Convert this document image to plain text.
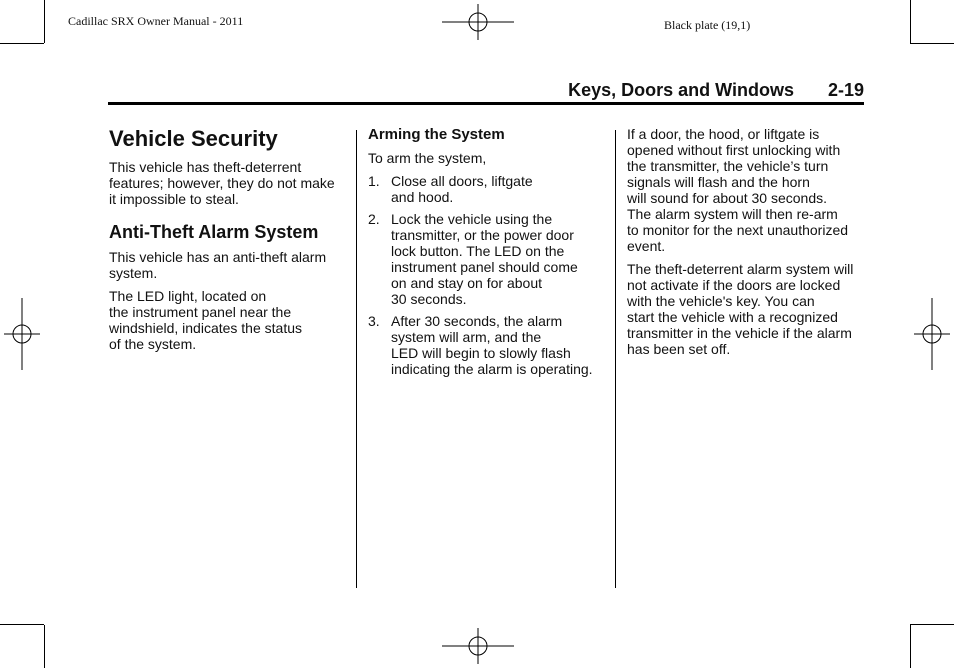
Cadillac SRX Owner Manual - 2011	Black plate (19,1)
Keys, Doors and Windows 2-19
Vehicle Security

This vehicle has theft-deterrent
features; however, they do not make
it impossible to steal.

Anti-Theft Alarm System

This vehicle has an anti-theft alarm
system.

The LED light, located on
the instrument panel near the
windshield, indicates the status
of the system.

Arming the System

To arm the system,

1. Close all doors, liftgate
and hood.
2. Lock the vehicle using the
transmitter, or the power door
lock button. The LED on the
instrument panel should come
on and stay on for about
30 seconds.
3. After 30 seconds, the alarm
system will arm, and the
LED will begin to slowly flash
indicating the alarm is operating.

If a door, the hood, or liftgate is
opened without first unlocking with
the transmitter, the vehicle’s turn
signals will flash and the horn
will sound for about 30 seconds.
The alarm system will then re-arm
to monitor for the next unauthorized
event.

The theft-deterrent alarm system will
not activate if the doors are locked
with the vehicle's key. You can
start the vehicle with a recognized
transmitter in the vehicle if the alarm
has been set off.
